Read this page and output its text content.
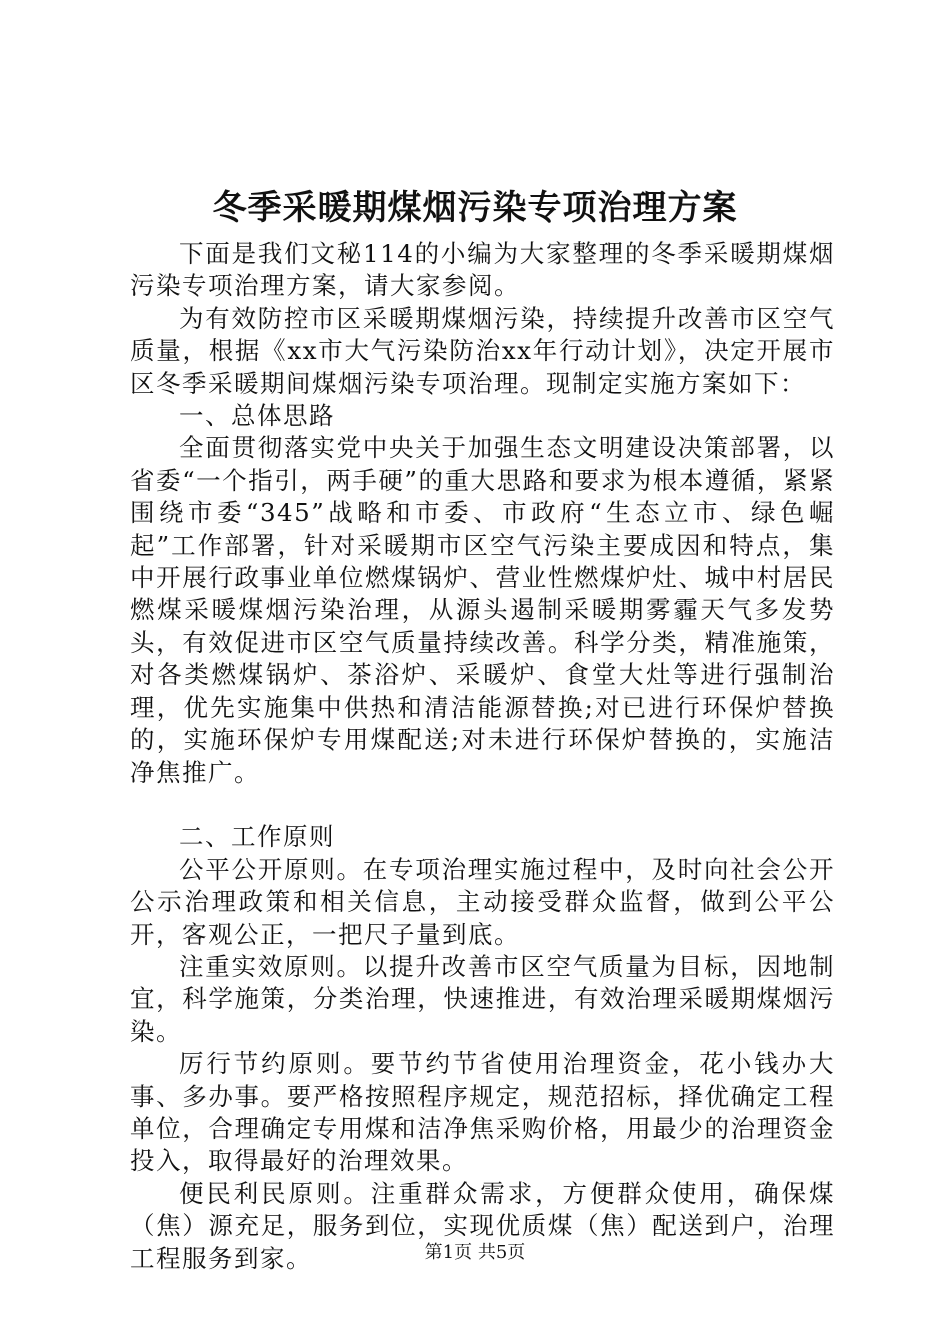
冬季采暖期煤烟污染专项治理方案

下面是我们文秘114的小编为大家整理的冬季采暖期煤烟污染专项治理方案，请大家参阅。

为有效防控市区采暖期煤烟污染，持续提升改善市区空气质量，根据《xx市大气污染防治xx年行动计划》，决定开展市区冬季采暖期间煤烟污染专项治理。现制定实施方案如下：

一、总体思路

全面贯彻落实党中央关于加强生态文明建设决策部署，以省委“一个指引，两手硬”的重大思路和要求为根本遵循，紧紧围绕市委“345”战略和市委、市政府“生态立市、绿色崛起”工作部署，针对采暖期市区空气污染主要成因和特点，集中开展行政事业单位燃煤锅炉、营业性燃煤炉灶、城中村居民燃煤采暖煤烟污染治理，从源头遏制采暖期雾霾天气多发势头，有效促进市区空气质量持续改善。科学分类，精准施策，对各类燃煤锅炉、茶浴炉、采暖炉、食堂大灶等进行强制治理，优先实施集中供热和清洁能源替换;对已进行环保炉替换的，实施环保炉专用煤配送;对未进行环保炉替换的，实施洁净焦推广。

二、工作原则

公平公开原则。在专项治理实施过程中，及时向社会公开公示治理政策和相关信息，主动接受群众监督，做到公平公开，客观公正，一把尺子量到底。

注重实效原则。以提升改善市区空气质量为目标，因地制宜，科学施策，分类治理，快速推进，有效治理采暖期煤烟污染。

厉行节约原则。要节约节省使用治理资金，花小钱办大事、多办事。要严格按照程序规定，规范招标，择优确定工程单位，合理确定专用煤和洁净焦采购价格，用最少的治理资金投入，取得最好的治理效果。

便民利民原则。注重群众需求，方便群众使用，确保煤（焦）源充足，服务到位，实现优质煤（焦）配送到户，治理工程服务到家。	第1页 共5页
